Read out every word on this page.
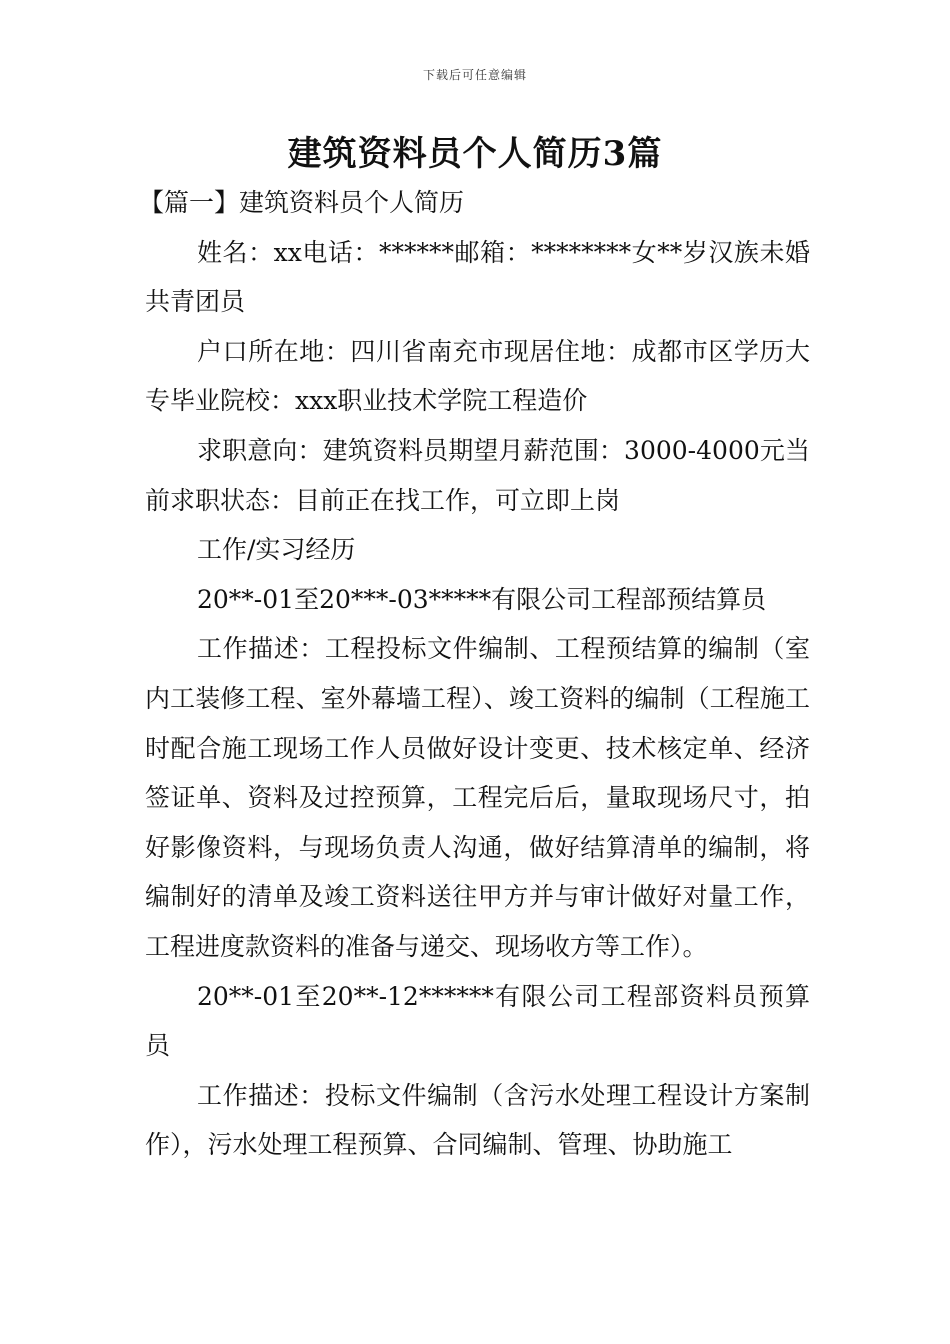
下载后可任意编辑
建筑资料员个人简历3篇

【篇一】建筑资料员个人简历

姓名：xx电话：******邮箱：********女**岁汉族未婚共青团员

户口所在地：四川省南充市现居住地：成都市区学历大专毕业院校：xxx职业技术学院工程造价

求职意向：建筑资料员期望月薪范围：3000-4000元当前求职状态：目前正在找工作，可立即上岗

工作/实习经历

20**-01至20***-03*****有限公司工程部预结算员

工作描述：工程投标文件编制、工程预结算的编制（室内工装修工程、室外幕墙工程）、竣工资料的编制（工程施工时配合施工现场工作人员做好设计变更、技术核定单、经济签证单、资料及过控预算，工程完后后，量取现场尺寸，拍好影像资料，与现场负责人沟通，做好结算清单的编制，将编制好的清单及竣工资料送往甲方并与审计做好对量工作，工程进度款资料的准备与递交、现场收方等工作）。

20**-01至20**-12******有限公司工程部资料员预算员

工作描述：投标文件编制（含污水处理工程设计方案制作），污水处理工程预算、合同编制、管理、协助施工
